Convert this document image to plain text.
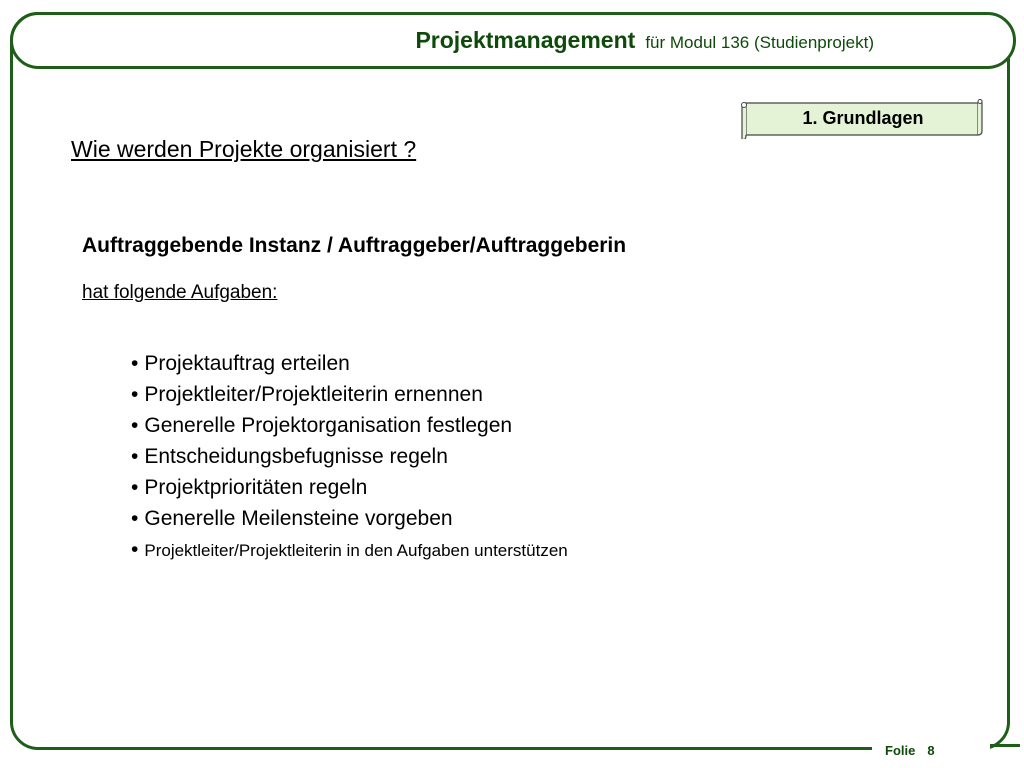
Projektmanagement für Modul 136 (Studienprojekt)
1. Grundlagen
Wie werden Projekte organisiert ?
Auftraggebende Instanz / Auftraggeber/Auftraggeberin
hat folgende Aufgaben:
• Projektauftrag erteilen
• Projektleiter/Projektleiterin ernennen
• Generelle Projektorganisation festlegen
• Entscheidungsbefugnisse regeln
• Projektprioritäten regeln
• Generelle Meilensteine vorgeben
• Projektleiter/Projektleiterin in den Aufgaben unterstützen
Folie 8
